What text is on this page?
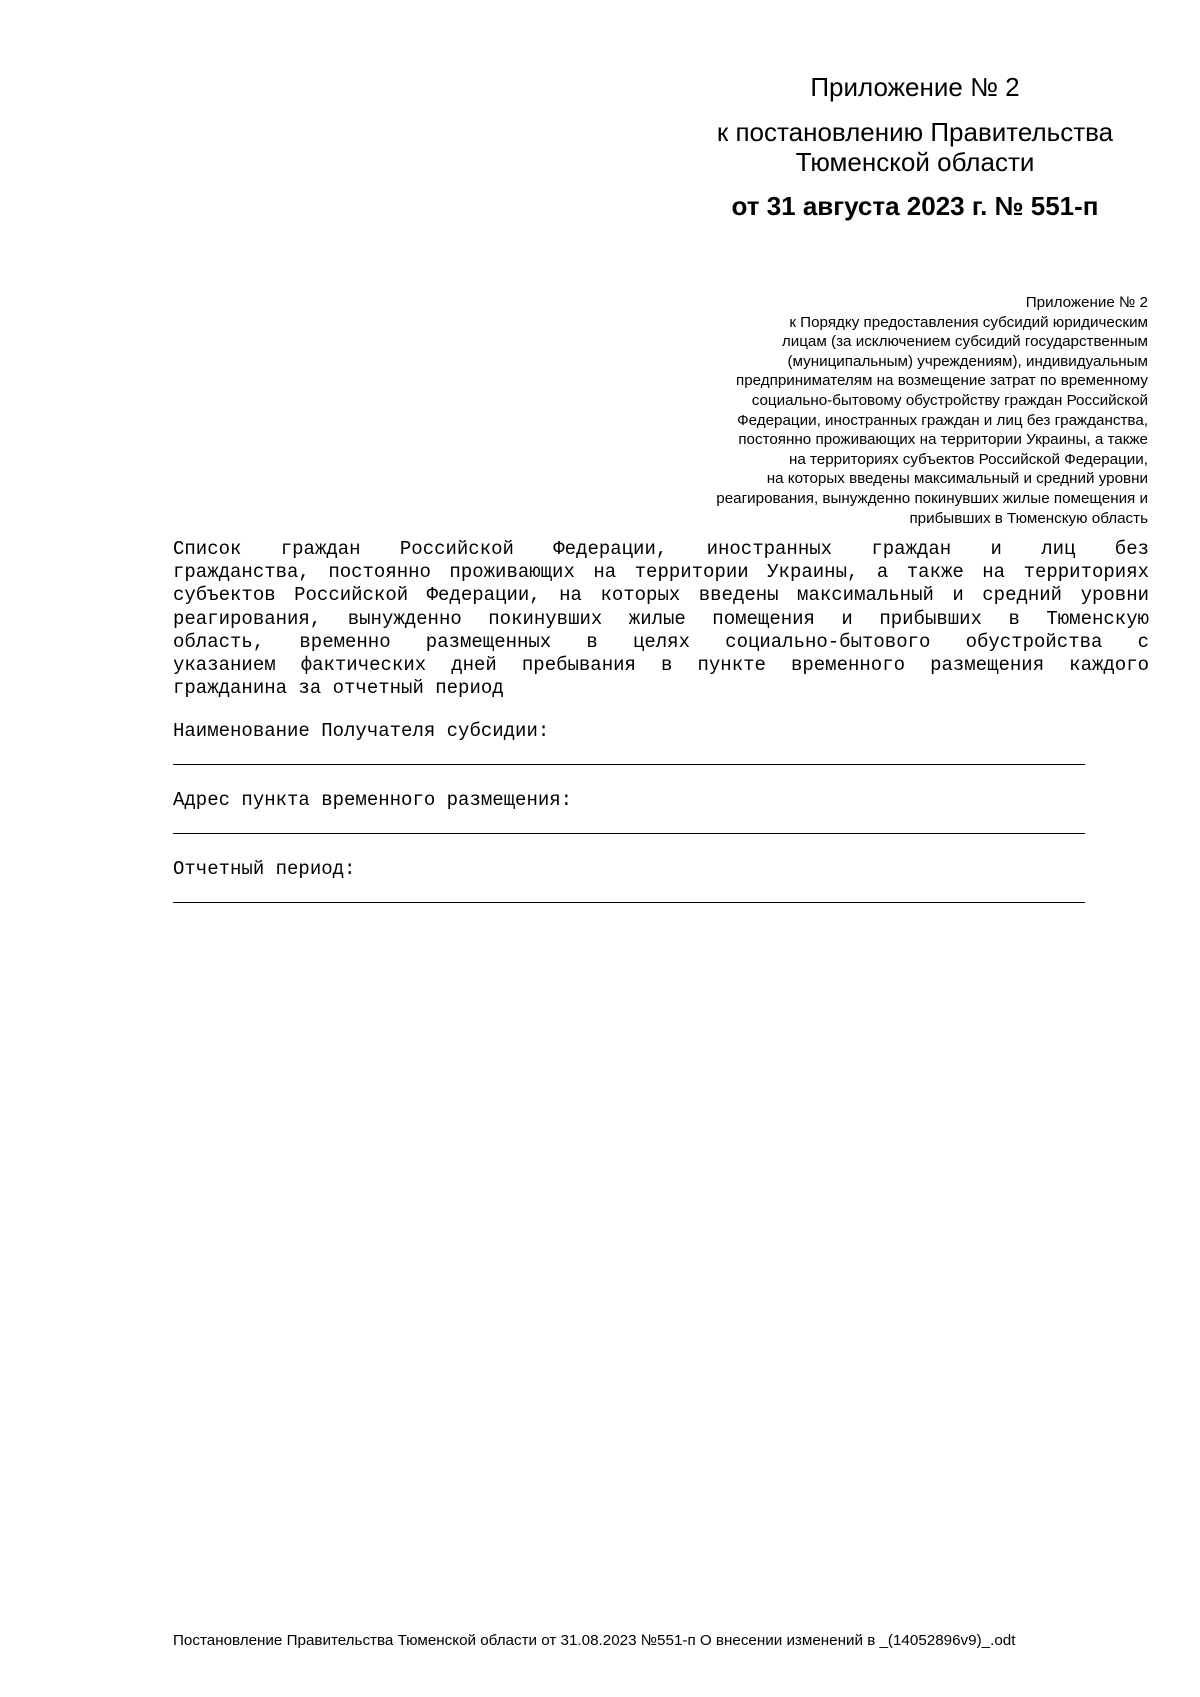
Приложение № 2
к постановлению Правительства
Тюменской области
от 31 августа 2023 г. № 551-п
Приложение № 2
к Порядку предоставления субсидий юридическим
лицам (за исключением субсидий государственным
(муниципальным) учреждениям), индивидуальным
предпринимателям на возмещение затрат по временному
социально-бытовому обустройству граждан Российской
Федерации, иностранных граждан и лиц без гражданства,
постоянно проживающих на территории Украины, а также
на территориях субъектов Российской Федерации,
на которых введены максимальный и средний уровни
реагирования, вынужденно покинувших жилые помещения и
прибывших в Тюменскую область
Список граждан Российской Федерации, иностранных граждан и лиц без
гражданства, постоянно проживающих на территории Украины, а также на территориях
субъектов Российской Федерации, на которых введены максимальный и средний уровни
реагирования, вынужденно покинувших жилые помещения и прибывших в Тюменскую
область, временно размещенных в целях социально-бытового обустройства с
указанием фактических дней пребывания в пункте временного размещения каждого
гражданина за отчетный период
Наименование Получателя субсидии:
Адрес пункта временного размещения:
Отчетный период:
Постановление Правительства Тюменской области от 31.08.2023 №551-п О внесении изменений в _(14052896v9)_.odt
